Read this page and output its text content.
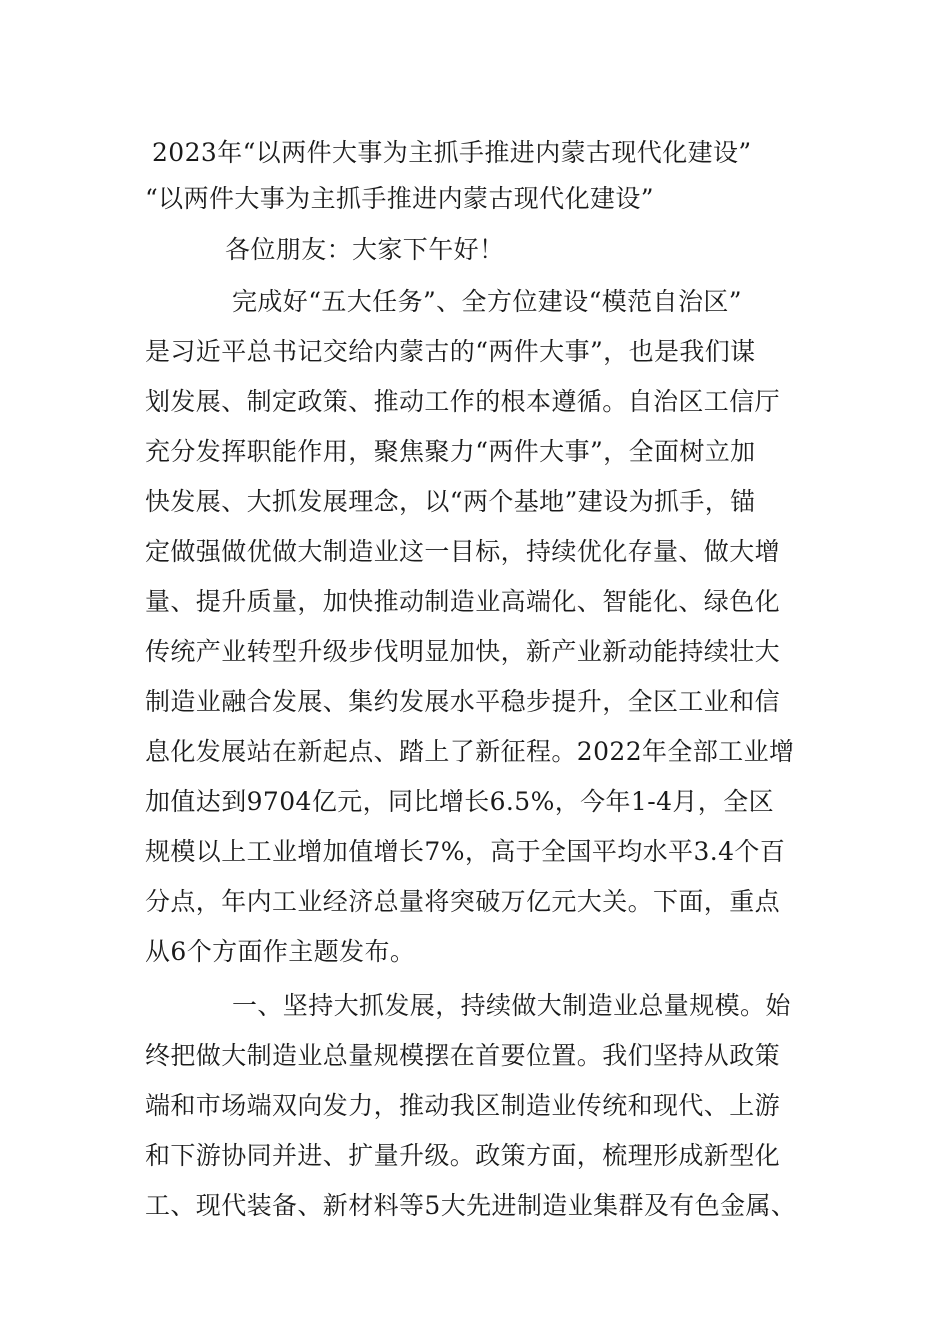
2023年“以两件大事为主抓手推进内蒙古现代化建设”
“以两件大事为主抓手推进内蒙古现代化建设”
各位朋友：大家下午好！
完成好“五大任务”、全方位建设“模范自治区”
是习近平总书记交给内蒙古的“两件大事”，也是我们谋
划发展、制定政策、推动工作的根本遵循。自治区工信厅
充分发挥职能作用，聚焦聚力“两件大事”，全面树立加
快发展、大抓发展理念，以“两个基地”建设为抓手，锚
定做强做优做大制造业这一目标，持续优化存量、做大增
量、提升质量，加快推动制造业高端化、智能化、绿色化
传统产业转型升级步伐明显加快，新产业新动能持续壮大
制造业融合发展、集约发展水平稳步提升，全区工业和信
息化发展站在新起点、踏上了新征程。2022年全部工业增
加值达到9704亿元，同比增长6.5%，今年1-4月，全区
规模以上工业增加值增长7%，高于全国平均水平3.4个百
分点，年内工业经济总量将突破万亿元大关。下面，重点
从6个方面作主题发布。
一、坚持大抓发展，持续做大制造业总量规模。始
终把做大制造业总量规模摆在首要位置。我们坚持从政策
端和市场端双向发力，推动我区制造业传统和现代、上游
和下游协同并进、扩量升级。政策方面，梳理形成新型化
工、现代装备、新材料等5大先进制造业集群及有色金属、
